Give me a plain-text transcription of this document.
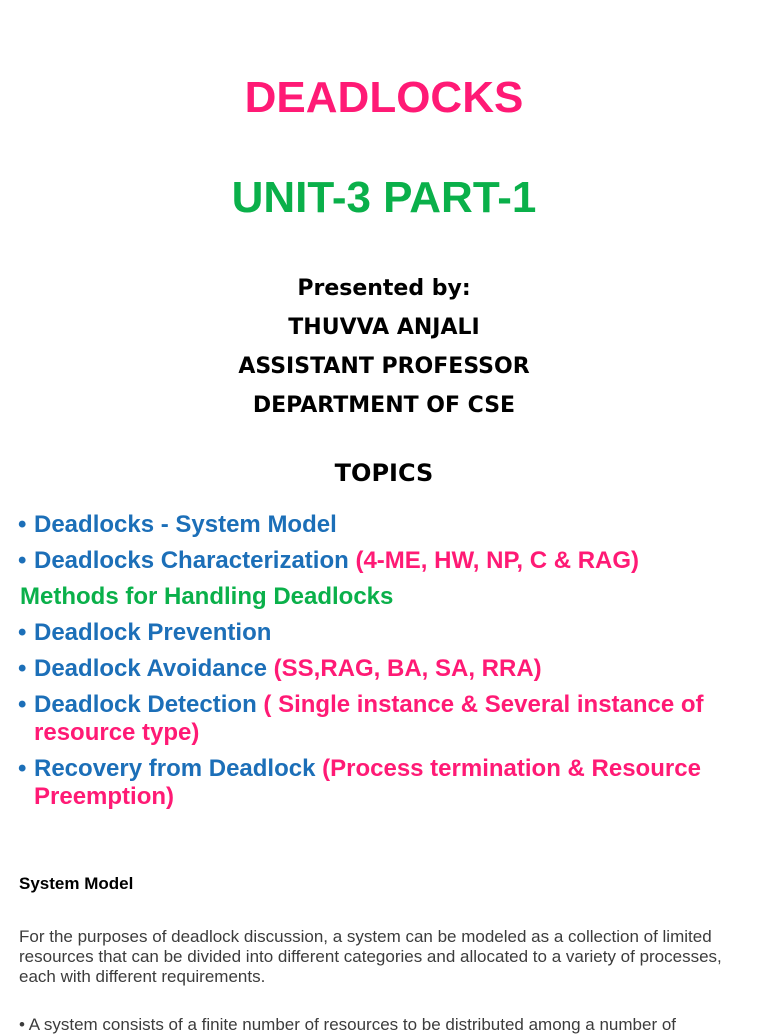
DEADLOCKS
UNIT-3 PART-1
Presented by:
THUVVA ANJALI
ASSISTANT PROFESSOR
DEPARTMENT OF CSE
TOPICS
• Deadlocks - System Model
• Deadlocks Characterization (4-ME, HW, NP, C & RAG)
Methods for Handling Deadlocks
• Deadlock Prevention
• Deadlock Avoidance (SS,RAG, BA, SA, RRA)
• Deadlock Detection ( Single instance & Several instance of resource type)
• Recovery from Deadlock (Process termination & Resource Preemption)
System Model
For the purposes of deadlock discussion, a system can be modeled as a collection of limited resources that can be divided into different categories and allocated to a variety of processes, each with different requirements.
• A system consists of a finite number of resources to be distributed among a number of
